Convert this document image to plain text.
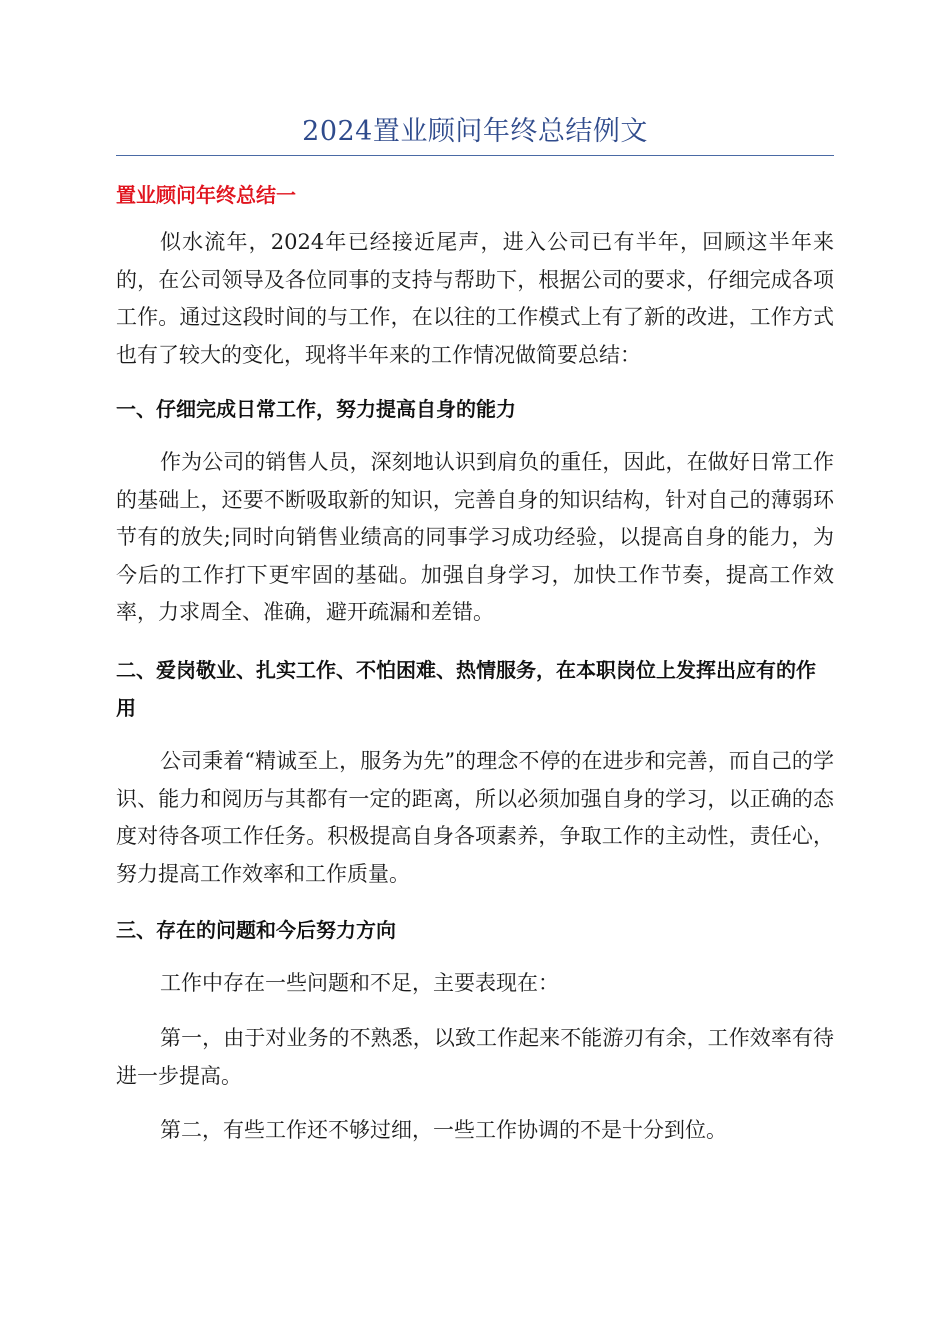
2024置业顾问年终总结例文
置业顾问年终总结一

似水流年，2024年已经接近尾声，进入公司已有半年，回顾这半年来的，在公司领导及各位同事的支持与帮助下，根据公司的要求，仔细完成各项工作。通过这段时间的与工作，在以往的工作模式上有了新的改进，工作方式也有了较大的变化，现将半年来的工作情况做简要总结：

一、仔细完成日常工作，努力提高自身的能力

作为公司的销售人员，深刻地认识到肩负的重任，因此，在做好日常工作的基础上，还要不断吸取新的知识，完善自身的知识结构，针对自己的薄弱环节有的放失;同时向销售业绩高的同事学习成功经验，以提高自身的能力，为今后的工作打下更牢固的基础。加强自身学习，加快工作节奏，提高工作效率，力求周全、准确，避开疏漏和差错。

二、爱岗敬业、扎实工作、不怕困难、热情服务，在本职岗位上发挥出应有的作用

公司秉着“精诚至上，服务为先”的理念不停的在进步和完善，而自己的学识、能力和阅历与其都有一定的距离，所以必须加强自身的学习，以正确的态度对待各项工作任务。积极提高自身各项素养，争取工作的主动性，责任心，努力提高工作效率和工作质量。

三、存在的问题和今后努力方向

工作中存在一些问题和不足，主要表现在：

第一，由于对业务的不熟悉，以致工作起来不能游刃有余，工作效率有待进一步提高。

第二，有些工作还不够过细，一些工作协调的不是十分到位。
